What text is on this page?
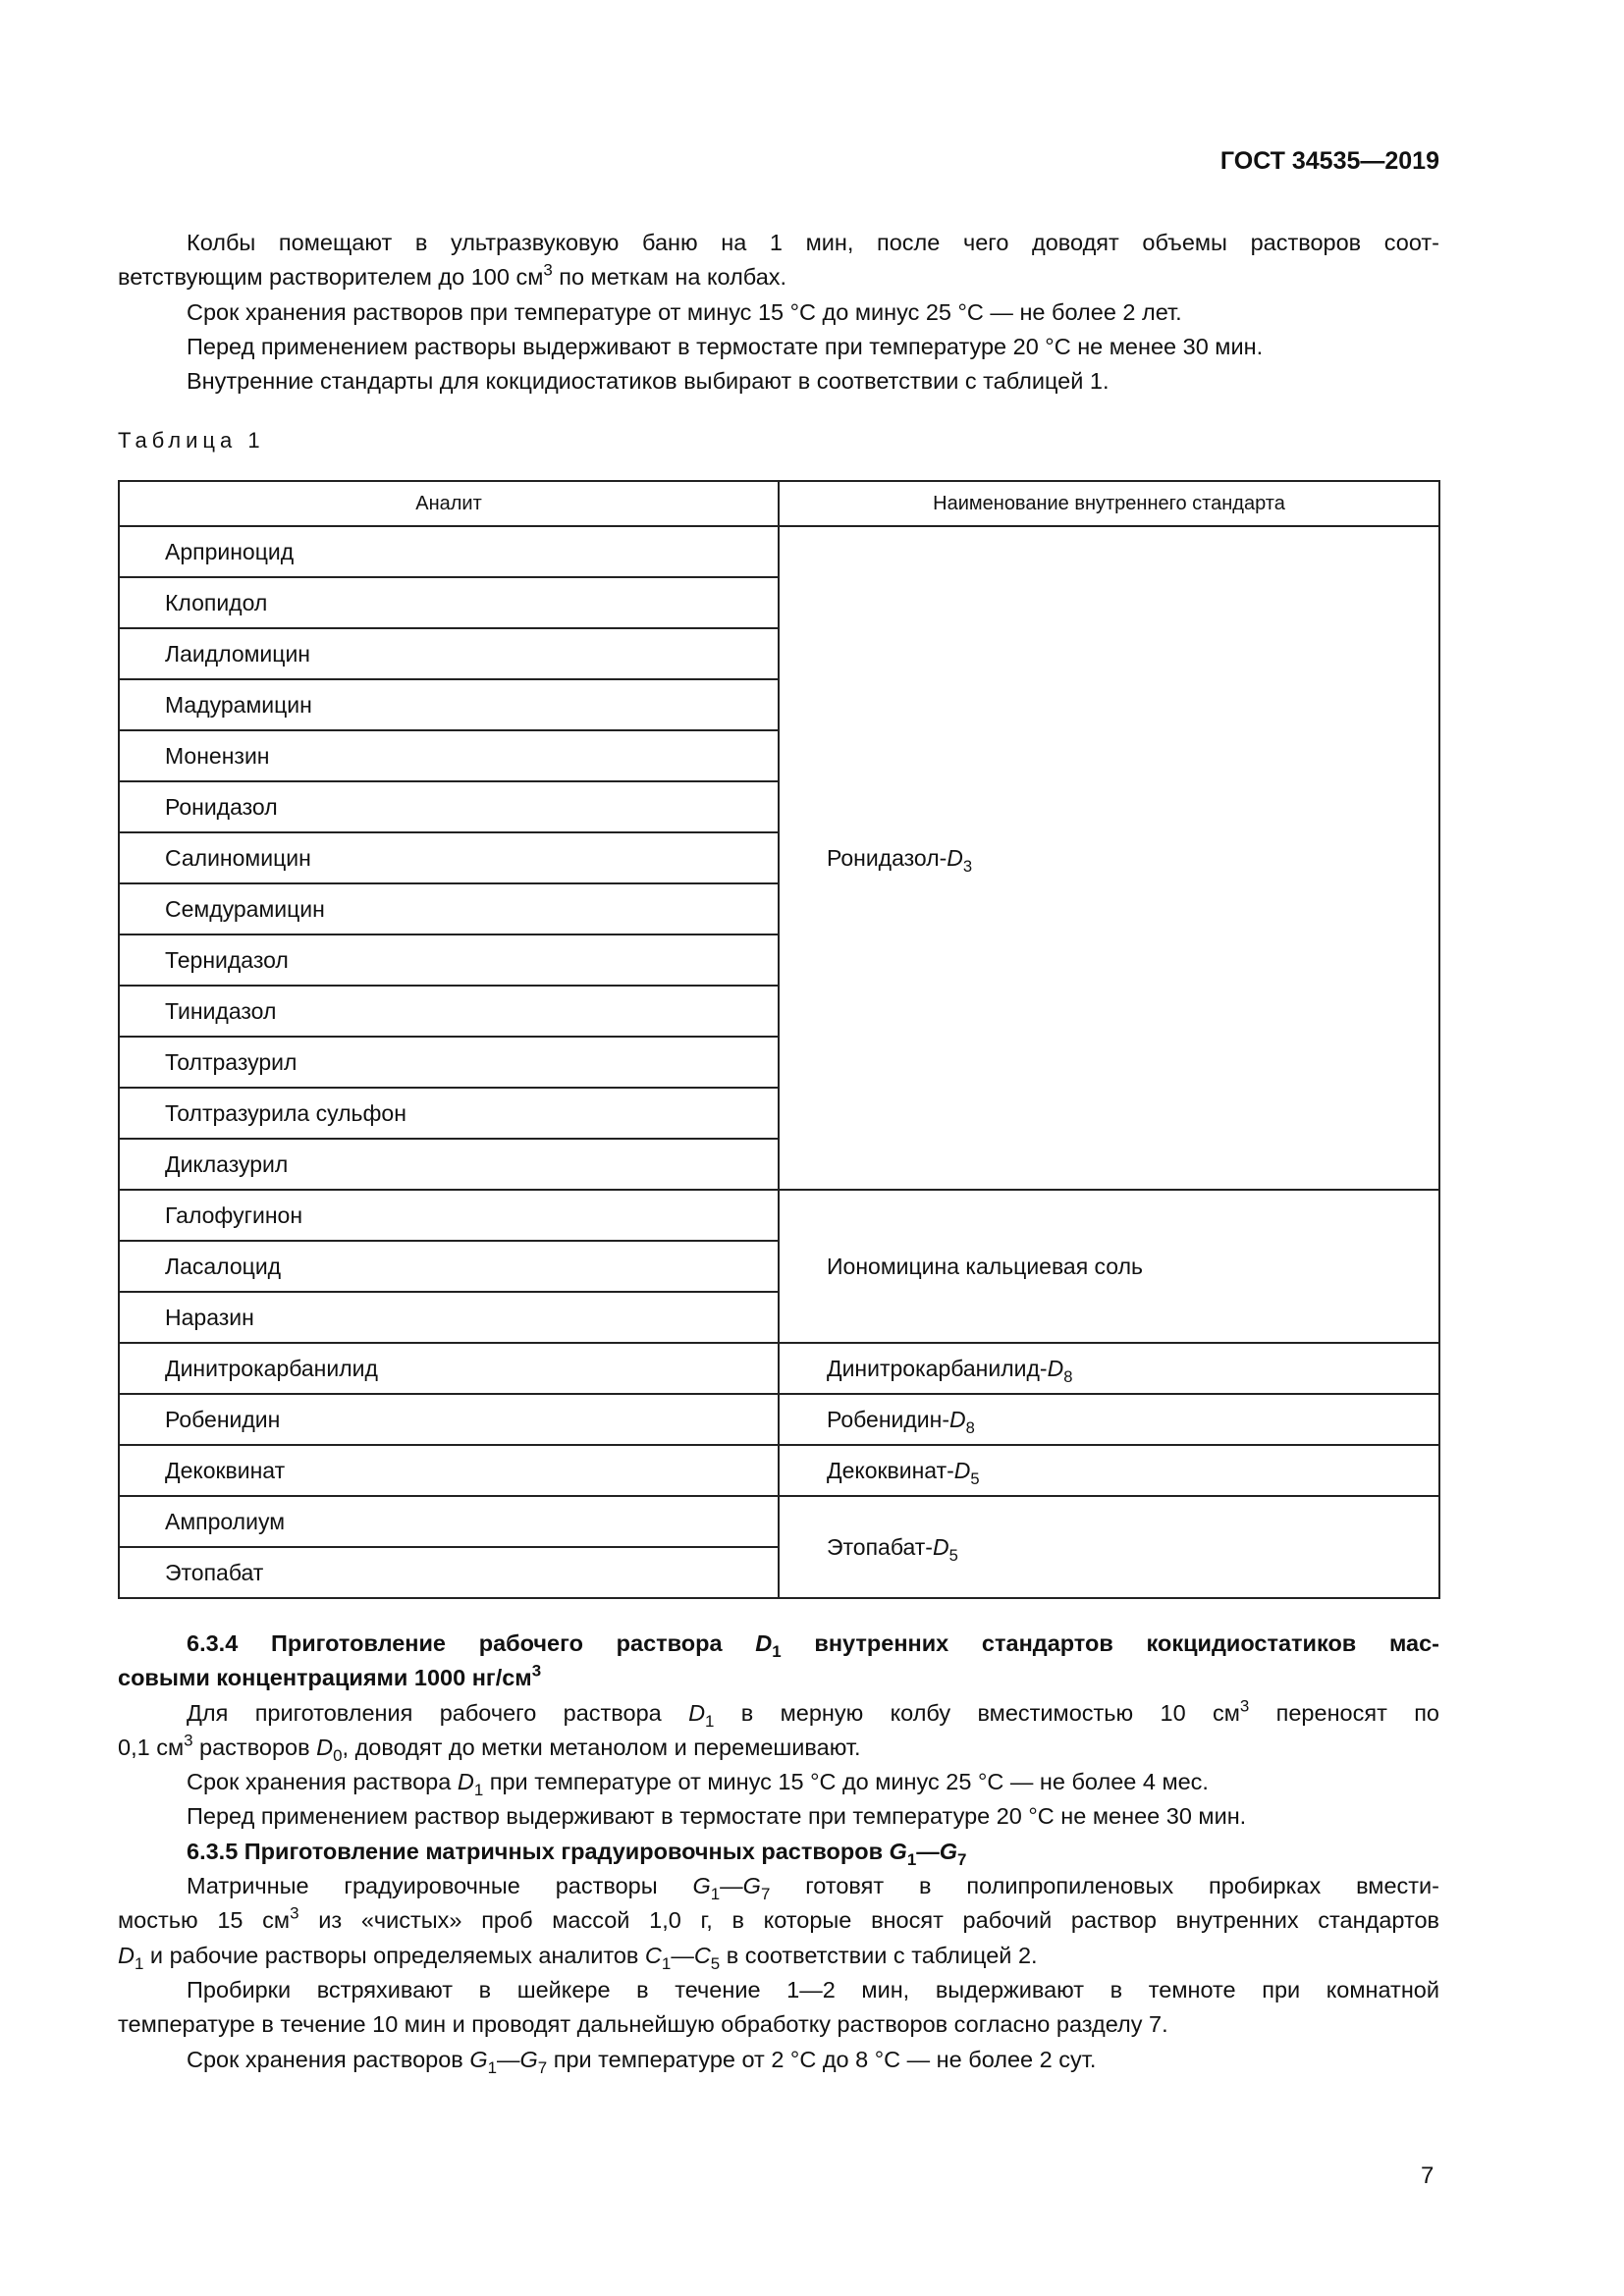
ГОСТ 34535—2019
Колбы помещают в ультразвуковую баню на 1 мин, после чего доводят объемы растворов соот-
ветствующим растворителем до 100 $см^3$ по меткам на колбах.
Срок хранения растворов при температуре от минус 15 °C до минус 25 °C — не более 2 лет.
Перед применением растворы выдерживают в термостате при температуре 20 °C не менее 30 мин.
Внутренние стандарты для кокцидиостатиков выбирают в соответствии с таблицей 1.
Таблица 1
Аналит	Наименование внутреннего стандарта
Арприноцид	Ронидазол-$D_3$
Клопидол	
Лаидломицин	
Мадурамицин	
Монензин	
Ронидазол	
Салиномицин	
Семдурамицин	
Тернидазол	
Тинидазол	
Толтразурил	
Толтразурила сульфон	
Диклазурил	
Галофугинон	Иономицина кальциевая соль
Ласалоцид	
Наразин	
Динитрокарбанилид	Динитрокарбанилид-$D_8$
Робенидин	Робенидин-$D_8$
Декоквинат	Декоквинат-$D_5$
Ампролиум	Этопабат-$D_5$
Этопабат	
6.3.4 Приготовление рабочего раствора $D_1$ внутренних стандартов кокцидиостатиков мас-
совыми концентрациями 1000 $нг/см^3$
Для приготовления рабочего раствора $D_1$ в мерную колбу вместимостью 10 $см^3$ переносят по
0,1 $см^3$ растворов $D_0$, доводят до метки метанолом и перемешивают.
Срок хранения раствора $D_1$ при температуре от минус 15 °C до минус 25 °C — не более 4 мес.
Перед применением раствор выдерживают в термостате при температуре 20 °C не менее 30 мин.
6.3.5 Приготовление матричных градуировочных растворов $G_1—G_7$
Матричные градуировочные растворы $G_1—G_7$ готовят в полипропиленовых пробирках вмести-
мостью 15 $см^3$ из «чистых» проб массой 1,0 г, в которые вносят рабочий раствор внутренних стандартов
$D_1$ и рабочие растворы определяемых аналитов $C_1—C_5$ в соответствии с таблицей 2.
Пробирки встряхивают в шейкере в течение 1—2 мин, выдерживают в темноте при комнатной
температуре в течение 10 мин и проводят дальнейшую обработку растворов согласно разделу 7.
Срок хранения растворов $G_1—G_7$ при температуре от 2 °C до 8 °C — не более 2 сут.
7
